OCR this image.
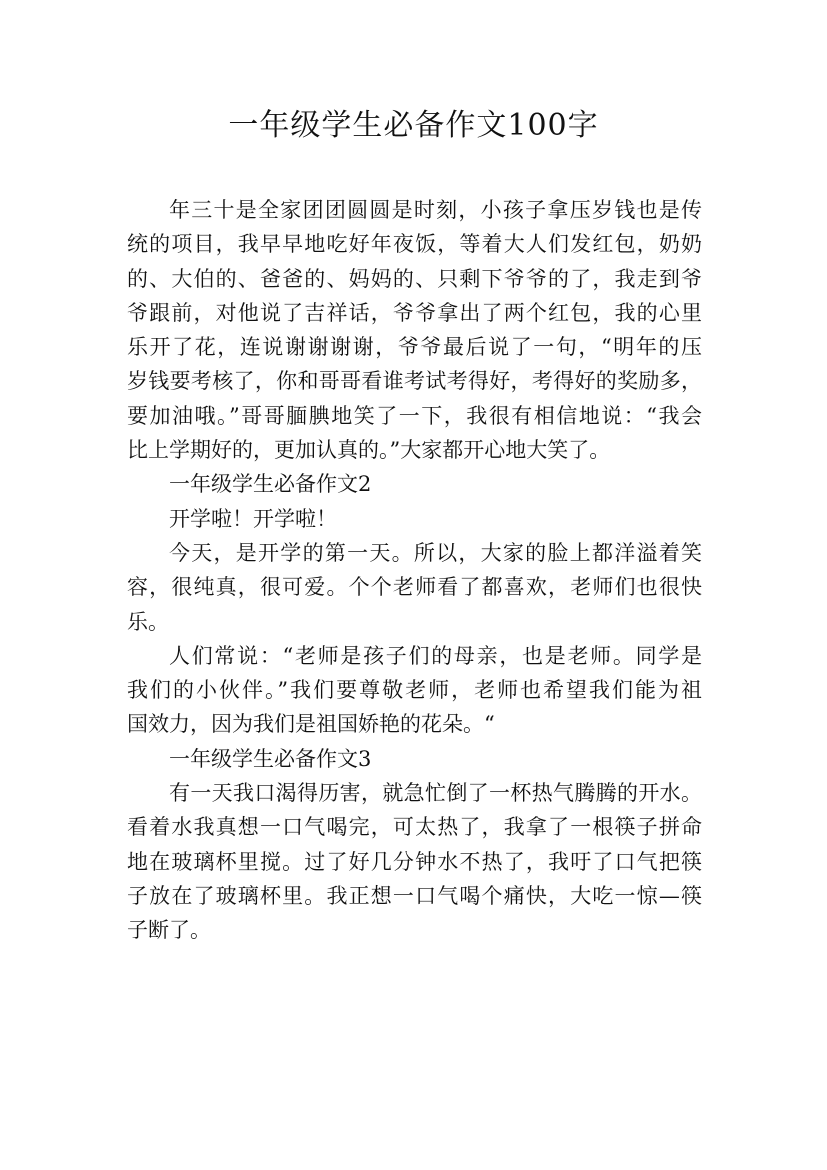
一年级学生必备作文100字
年三十是全家团团圆圆是时刻，小孩子拿压岁钱也是传
统的项目，我早早地吃好年夜饭，等着大人们发红包，奶奶
的、大伯的、爸爸的、妈妈的、只剩下爷爷的了，我走到爷
爷跟前，对他说了吉祥话，爷爷拿出了两个红包，我的心里
乐开了花，连说谢谢谢谢，爷爷最后说了一句，“明年的压
岁钱要考核了，你和哥哥看谁考试考得好，考得好的奖励多，
要加油哦。”哥哥腼腆地笑了一下，我很有相信地说：“我会
比上学期好的，更加认真的。”大家都开心地大笑了。
一年级学生必备作文2
开学啦！开学啦！
今天，是开学的第一天。所以，大家的脸上都洋溢着笑
容，很纯真，很可爱。个个老师看了都喜欢，老师们也很快
乐。
人们常说：“老师是孩子们的母亲，也是老师。同学是
我们的小伙伴。”我们要尊敬老师，老师也希望我们能为祖
国效力，因为我们是祖国娇艳的花朵。“
一年级学生必备作文3
有一天我口渴得历害，就急忙倒了一杯热气腾腾的开水。
看着水我真想一口气喝完，可太热了，我拿了一根筷子拼命
地在玻璃杯里搅。过了好几分钟水不热了，我吁了口气把筷
子放在了玻璃杯里。我正想一口气喝个痛快，大吃一惊—筷
子断了。
